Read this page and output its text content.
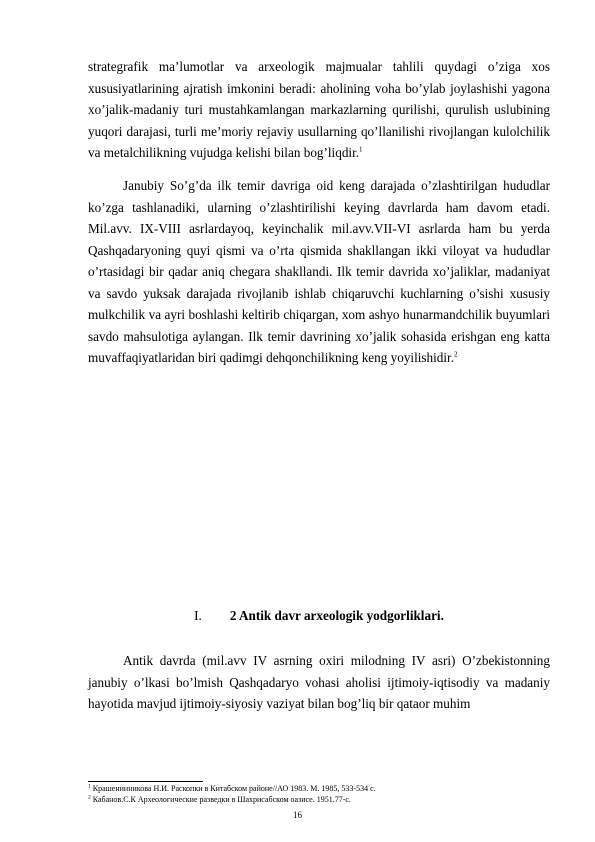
strategrafik ma’lumotlar va arxeologik majmualar tahlili quydagi o’ziga xos xususiyatlarining ajratish imkonini beradi: aholining voha bo’ylab joylashishi yagona xo’jalik-madaniy turi mustahkamlangan markazlarning qurilishi, qurulish uslubining yuqori darajasi, turli me’moriy rejaviy usullarning qo’llanilishi rivojlangan kulolchilik va metalchilikning vujudga kelishi bilan bog’liqdir.$^1$

Janubiy So’g’da ilk temir davriga oid keng darajada o’zlashtirilgan hududlar ko’zga tashlanadiki, ularning o’zlashtirilishi keying davrlarda ham davom etadi. Mil.avv. IX-VIII asrlardayoq, keyinchalik mil.avv.VII-VI asrlarda ham bu yerda Qashqadaryoning quyi qismi va o’rta qismida shakllangan ikki viloyat va hududlar o’rtasidagi bir qadar aniq chegara shakllandi. Ilk temir davrida xo’jaliklar, madaniyat va savdo yuksak darajada rivojlanib ishlab chiqaruvchi kuchlarning o’sishi xususiy mulkchilik va ayri boshlashi keltirib chiqargan, xom ashyo hunarmandchilik buyumlari savdo mahsulotiga aylangan. Ilk temir davrining xo’jalik sohasida erishgan eng katta muvaffaqiyatlaridan biri qadimgi dehqonchilikning keng yoyilishidir.$^2$

I. 2 Antik davr arxeologik yodgorliklari.

Antik davrda (mil.avv IV asrning oxiri milodning IV asri) O’zbekistonning janubiy o’lkasi bo’lmish Qashqadaryo vohasi aholisi ijtimoiy-iqtisodiy va madaniy hayotida mavjud ijtimoiy-siyosiy vaziyat bilan bog’liq bir qataor muhim

$^1$ Крашенинникова Н.И. Раскопки в Китабском районе//АО 1983. М. 1985, 533-534 с.
$^2$ Кабанов.С.К Археологические разведки в Шахрисабском оазисе. 1951.77-с.
16
